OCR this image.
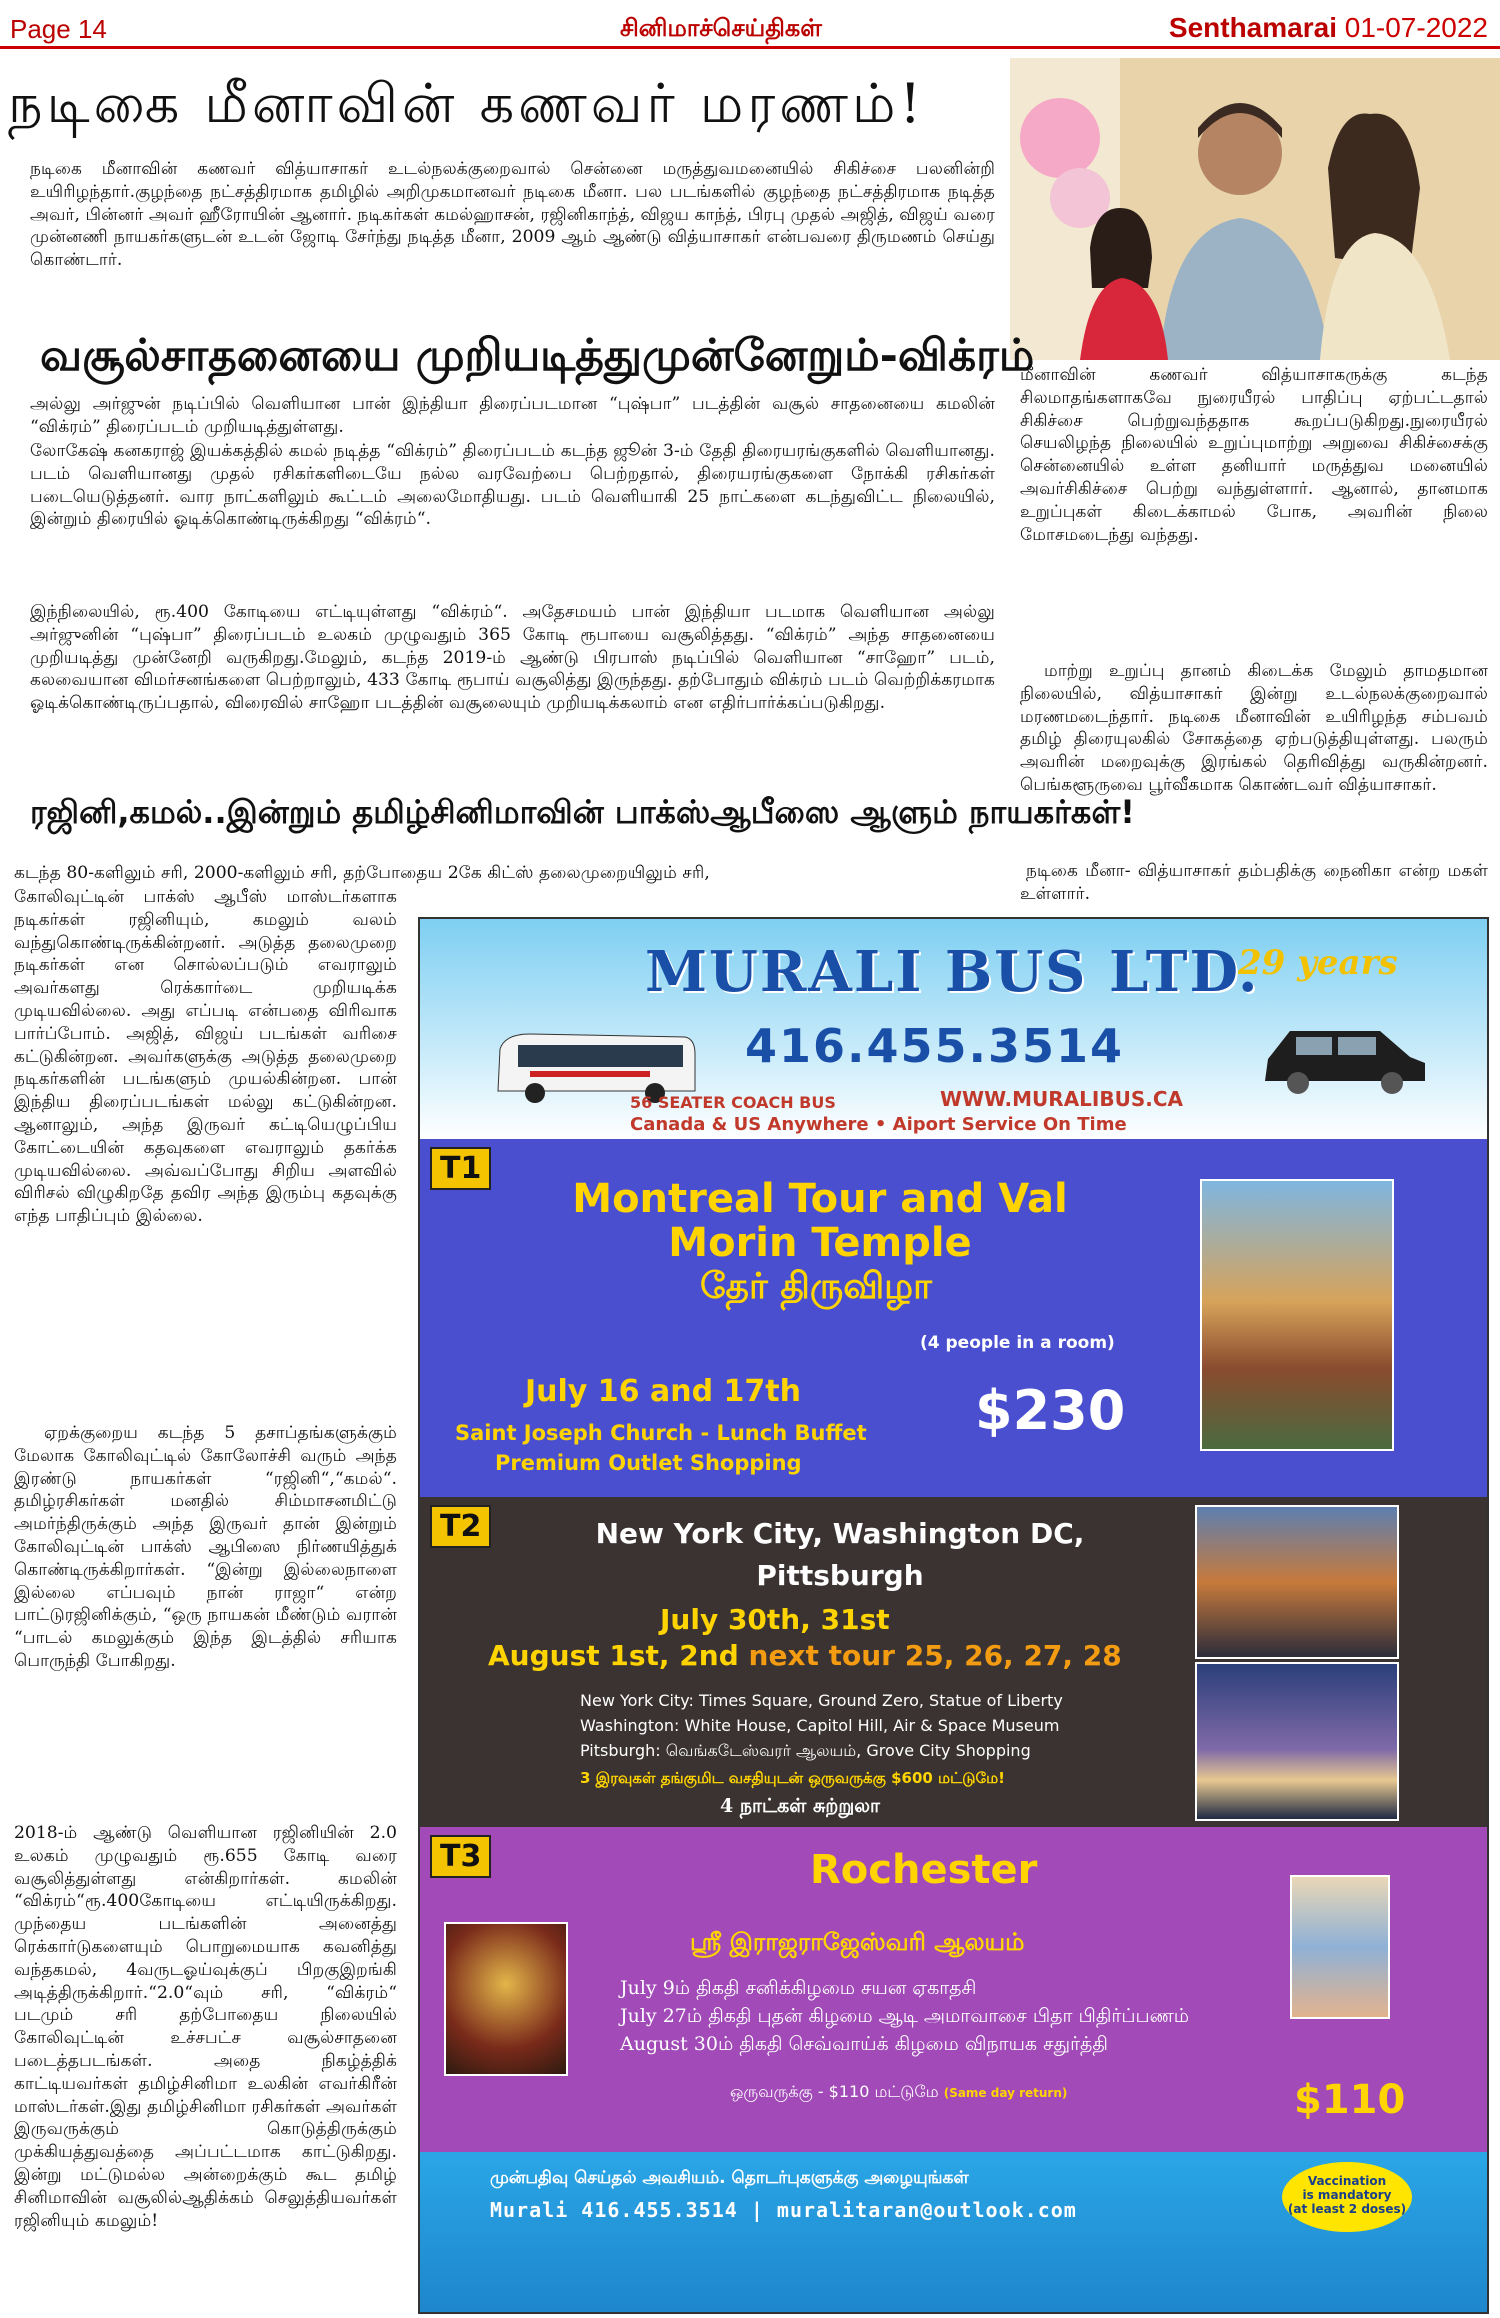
Page 14	சினிமாச்செய்திகள்	Senthamarai 01-07-2022
நடிகை மீனாவின் கணவர் மரணம்!
நடிகை மீனாவின் கணவர் வித்யாசாகர் உடல்நலக்குறைவால் சென்னை மருத்துவமனையில் சிகிச்சை பலனின்றி உயிரிழந்தார்.குழந்தை நட்சத்திரமாக தமிழில் அறிமுகமானவர் நடிகை மீனா. பல படங்களில் குழந்தை நட்சத்திரமாக நடித்த அவர், பின்னர் அவர் ஹீரோயின் ஆனார். நடிகர்கள் கமல்ஹாசன், ரஜினிகாந்த், விஜய காந்த், பிரபு முதல் அஜித், விஜய் வரை முன்னணி நாயகர்களுடன் உடன் ஜோடி சேர்ந்து நடித்த மீனா, 2009 ஆம் ஆண்டு வித்யாசாகர் என்பவரை திருமணம் செய்து கொண்டார்.
மீனாவின் கணவர் வித்யாசாகருக்கு கடந்த சிலமாதங்களாகவே நுரையீரல் பாதிப்பு ஏற்பட்டதால் சிகிச்சை பெற்றுவந்ததாக கூறப்படுகிறது.நுரையீரல் செயலிழந்த நிலையில் உறுப்புமாற்று அறுவை சிகிச்சைக்கு சென்னையில் உள்ள தனியார் மருத்துவ மனையில் அவர்சிகிச்சை பெற்று வந்துள்ளார். ஆனால், தானமாக உறுப்புகள் கிடைக்காமல் போக, அவரின் நிலை மோசமடைந்து வந்தது.
மாற்று உறுப்பு தானம் கிடைக்க மேலும் தாமதமான நிலையில், வித்யாசாகர் இன்று உடல்நலக்குறைவால் மரணமடைந்தார். நடிகை மீனாவின் உயிரிழந்த சம்பவம் தமிழ் திரையுலகில் சோகத்தை ஏற்படுத்தியுள்ளது. பலரும் அவரின் மறைவுக்கு இரங்கல் தெரிவித்து வருகின்றனர். பெங்களூருவை பூர்வீகமாக கொண்டவர் வித்யாசாகர்.
நடிகை மீனா- வித்யாசாகர் தம்பதிக்கு நைனிகா என்ற மகள் உள்ளார்.
வசூல்சாதனையை முறியடித்துமுன்னேறும்-விக்ரம்
அல்லு அர்ஜுன் நடிப்பில் வெளியான பான் இந்தியா திரைப்படமான “புஷ்பா” படத்தின் வசூல் சாதனையை கமலின் “விக்ரம்” திரைப்படம் முறியடித்துள்ளது.
லோகேஷ் கனகராஜ் இயக்கத்தில் கமல் நடித்த “விக்ரம்” திரைப்படம் கடந்த ஜூன் 3-ம் தேதி திரையரங்குகளில் வெளியானது. படம் வெளியானது முதல் ரசிகர்களிடையே நல்ல வரவேற்பை பெற்றதால், திரையரங்குகளை நோக்கி ரசிகர்கள் படையெடுத்தனர். வார நாட்களிலும் கூட்டம் அலைமோதியது. படம் வெளியாகி 25 நாட்களை கடந்துவிட்ட நிலையில், இன்றும் திரையில் ஓடிக்கொண்டிருக்கிறது “விக்ரம்“.
இந்நிலையில், ரூ.400 கோடியை எட்டியுள்ளது “விக்ரம்“. அதேசமயம் பான் இந்தியா படமாக வெளியான அல்லு அர்ஜுனின் “புஷ்பா” திரைப்படம் உலகம் முழுவதும் 365 கோடி ரூபாயை வசூலித்தது. “விக்ரம்” அந்த சாதனையை முறியடித்து முன்னேறி வருகிறது.மேலும், கடந்த 2019-ம் ஆண்டு பிரபாஸ் நடிப்பில் வெளியான “சாஹோ” படம், கலவையான விமர்சனங்களை பெற்றாலும், 433 கோடி ரூபாய் வசூலித்து இருந்தது. தற்போதும் விக்ரம் படம் வெற்றிக்கரமாக ஓடிக்கொண்டிருப்பதால், விரைவில் சாஹோ படத்தின் வசூலையும் முறியடிக்கலாம் என எதிர்பார்க்கப்படுகிறது.
ரஜினி,கமல்..இன்றும் தமிழ்சினிமாவின் பாக்ஸ்ஆபீஸை ஆளும் நாயகர்கள்!
கடந்த 80-களிலும் சரி, 2000-களிலும் சரி, தற்போதைய 2கே கிட்ஸ் தலைமுறையிலும் சரி,
கோலிவுட்டின் பாக்ஸ் ஆபீஸ் மாஸ்டர்களாக நடிகர்கள் ரஜினியும், கமலும் வலம் வந்துகொண்டிருக்கின்றனர். அடுத்த தலைமுறை நடிகர்கள் என சொல்லப்படும் எவராலும் அவர்களது ரெக்கார்டை முறியடிக்க முடியவில்லை. அது எப்படி என்பதை விரிவாக பார்ப்போம். அஜித், விஜய் படங்கள் வரிசை கட்டுகின்றன. அவர்களுக்கு அடுத்த தலைமுறை நடிகர்களின் படங்களும் முயல்கின்றன. பான் இந்திய திரைப்படங்கள் மல்லு கட்டுகின்றன. ஆனாலும், அந்த இருவர் கட்டியெழுப்பிய கோட்டையின் கதவுகளை எவராலும் தகர்க்க முடியவில்லை. அவ்வப்போது சிறிய அளவில் விரிசல் விழுகிறதே தவிர அந்த இரும்பு கதவுக்கு எந்த பாதிப்பும் இல்லை.
ஏறக்குறைய கடந்த 5 தசாப்தங்களுக்கும் மேலாக கோலிவுட்டில் கோலோச்சி வரும் அந்த இரண்டு நாயகர்கள் “ரஜினி“,“கமல்“. தமிழ்ரசிகர்கள் மனதில் சிம்மாசனமிட்டு அமர்ந்திருக்கும் அந்த இருவர் தான் இன்றும் கோலிவுட்டின் பாக்ஸ் ஆபிஸை நிர்ணயித்துக் கொண்டிருக்கிறார்கள். “இன்று இல்லைநாளை இல்லை எப்பவும் நான் ராஜா“ என்ற பாட்டுரஜினிக்கும், “ஒரு நாயகன் மீண்டும் வரான் “பாடல் கமலுக்கும் இந்த இடத்தில் சரியாக பொருந்தி போகிறது.
2018-ம் ஆண்டு வெளியான ரஜினியின் 2.0 உலகம் முழுவதும் ரூ.655 கோடி வரை வசூலித்துள்ளது என்கிறார்கள். கமலின் “விக்ரம்“ரூ.400கோடியை எட்டியிருக்கிறது. முந்தைய படங்களின் அனைத்து ரெக்கார்டுகளையும் பொறுமையாக கவனித்து வந்தகமல், 4வருடஓய்வுக்குப் பிறகுஇறங்கி அடித்திருக்கிறார்.“2.0“வும் சரி, “விக்ரம்“ படமும் சரி தற்போதைய நிலையில் கோலிவுட்டின் உச்சபட்ச வசூல்சாதனை படைத்தபடங்கள். அதை நிகழ்த்திக் காட்டியவர்கள் தமிழ்சினிமா உலகின் எவர்கிரீன் மாஸ்டர்கள்.இது தமிழ்சினிமா ரசிகர்கள் அவர்கள் இருவருக்கும் கொடுத்திருக்கும் முக்கியத்துவத்தை அப்பட்டமாக காட்டுகிறது. இன்று மட்டுமல்ல அன்றைக்கும் கூட தமிழ் சினிமாவின் வசூலில்ஆதிக்கம் செலுத்தியவர்கள் ரஜினியும் கமலும்!
MURALI BUS LTD.
29 years
416.455.3514
56 SEATER COACH BUS	WWW.MURALIBUS.CA
Canada & US Anywhere • Aiport Service On Time
T1
Montreal Tour and Val Morin Temple
தேர் திருவிழா
(4 people in a room)
July 16 and 17th
Saint Joseph Church - Lunch Buffet
Premium Outlet Shopping
$230
T2	New York City, Washington DC, Pittsburgh
July 30th, 31st
August 1st, 2nd next tour 25, 26, 27, 28
New York City: Times Square, Ground Zero, Statue of Liberty
Washington: White House, Capitol Hill, Air & Space Museum
Pitsburgh: வெங்கடேஸ்வரர் ஆலயம், Grove City Shopping
3 இரவுகள் தங்குமிட வசதியுடன் ஒருவருக்கு $600 மட்டுமே!
4 நாட்கள் சுற்றுலா
T3	Rochester
ஸ்ரீ இராஜராஜேஸ்வரி ஆலயம்
July 9ம் திகதி சனிக்கிழமை சயன ஏகாதசி
July 27ம் திகதி புதன் கிழமை ஆடி அமாவாசை பிதா பிதிர்ப்பணம்
August 30ம் திகதி செவ்வாய்க் கிழமை விநாயக சதுர்த்தி
ஒருவருக்கு - $110 மட்டுமே (Same day return)	$110
முன்பதிவு செய்தல் அவசியம். தொடர்புகளுக்கு அழையுங்கள்
Murali 416.455.3514 | muralitaran@outlook.com
Vaccination
is mandatory
(at least 2 doses)
